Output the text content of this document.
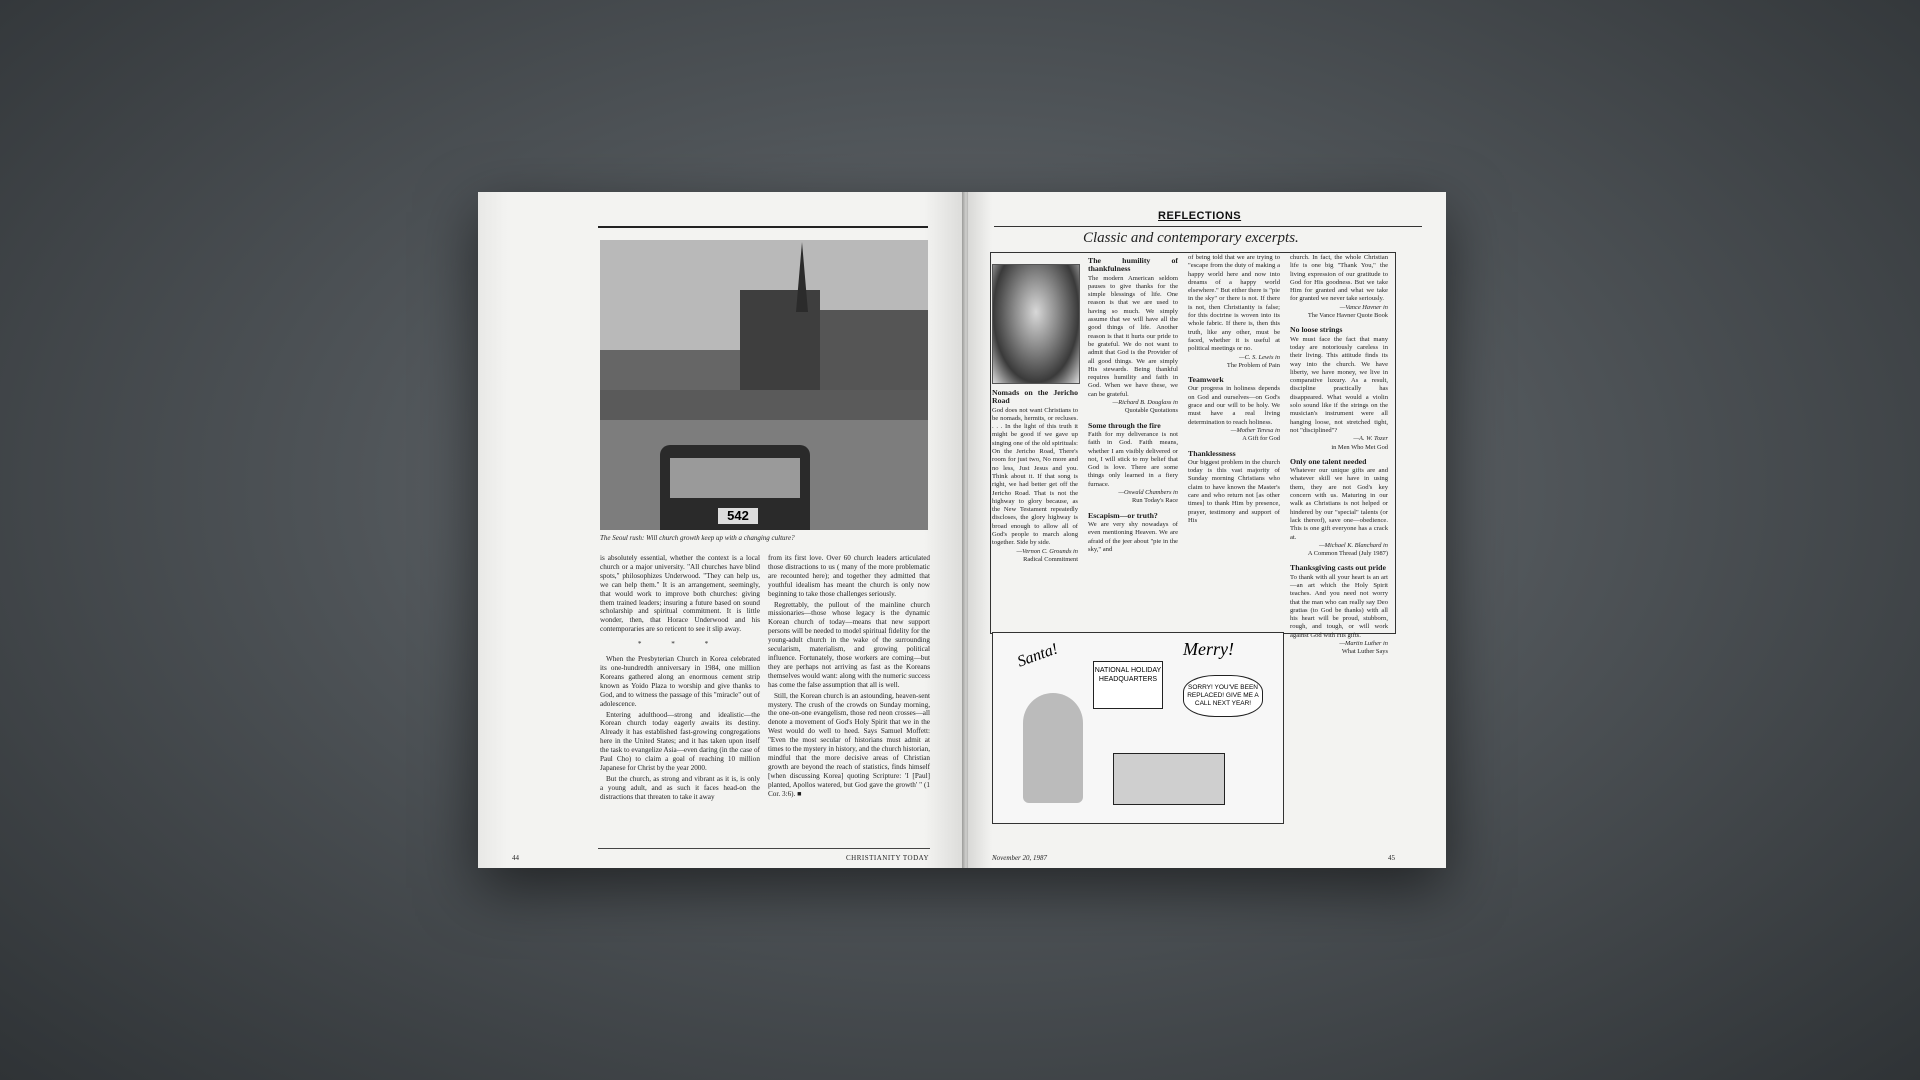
542
The Seoul rush: Will church growth keep up with a changing culture?

is absolutely essential, whether the context is a local church or a major university. "All churches have blind spots," philosophizes Underwood. "They can help us, we can help them." It is an arrangement, seemingly, that would work to improve both churches: giving them trained leaders; insuring a future based on sound scholarship and spiritual commitment. It is little wonder, then, that Horace Underwood and his contemporaries are so reticent to see it slip away.

* * *

When the Presbyterian Church in Korea celebrated its one-hundredth anniversary in 1984, one million Koreans gathered along an enormous cement strip known as Yoido Plaza to worship and give thanks to God, and to witness the passage of this "miracle" out of adolescence.

Entering adulthood—strong and idealistic—the Korean church today eagerly awaits its destiny. Already it has established fast-growing congregations here in the United States; and it has taken upon itself the task to evangelize Asia—even daring (in the case of Paul Cho) to claim a goal of reaching 10 million Japanese for Christ by the year 2000.

But the church, as strong and vibrant as it is, is only a young adult, and as such it faces head-on the distractions that threaten to take it away

from its first love. Over 60 church leaders articulated those distractions to us ( many of the more problematic are recounted here); and together they admitted that youthful idealism has meant the church is only now beginning to take those challenges seriously.

Regrettably, the pullout of the mainline church missionaries—those whose legacy is the dynamic Korean church of today—means that new support persons will be needed to model spiritual fidelity for the young-adult church in the wake of the surrounding secularism, materialism, and growing political influence. Fortunately, those workers are coming—but they are perhaps not arriving as fast as the Koreans themselves would want: along with the numeric success has come the false assumption that all is well.

Still, the Korean church is an astounding, heaven-sent mystery. The crush of the crowds on Sunday morning, the one-on-one evangelism, those red neon crosses—all denote a movement of God's Holy Spirit that we in the West would do well to heed. Says Samuel Moffett: "Even the most secular of historians must admit at times to the mystery in history, and the church historian, mindful that the more decisive areas of Christian growth are beyond the reach of statistics, finds himself [when discussing Korea] quoting Scripture: 'I [Paul] planted, Apollos watered, but God gave the growth' " (1 Cor. 3:6). ■

44	CHRISTIANITY TODAY
REFLECTIONS
Classic and contemporary excerpts.
Nomads on the Jericho Road
God does not want Christians to be nomads, hermits, or recluses. . . . In the light of this truth it might be good if we gave up singing one of the old spirituals: On the Jericho Road, There's room for just two, No more and no less, Just Jesus and you. Think about it. If that song is right, we had better get off the Jericho Road. That is not the highway to glory because, as the New Testament repeatedly discloses, the glory highway is broad enough to allow all of God's people to march along together. Side by side.
—Vernon C. Grounds in
Radical Commitment
The humility of thankfulness
The modern American seldom pauses to give thanks for the simple blessings of life. One reason is that we are used to having so much. We simply assume that we will have all the good things of life. Another reason is that it hurts our pride to be grateful. We do not want to admit that God is the Provider of all good things. We are simply His stewards. Being thankful requires humility and faith in God. When we have these, we can be grateful.
—Richard B. Douglass in
Quotable Quotations
Some through the fire
Faith for my deliverance is not faith in God. Faith means, whether I am visibly delivered or not, I will stick to my belief that God is love. There are some things only learned in a fiery furnace.
—Oswald Chambers in
Run Today's Race
Escapism—or truth?
We are very shy nowadays of even mentioning Heaven. We are afraid of the jeer about "pie in the sky," and
of being told that we are trying to "escape from the duty of making a happy world here and now into dreams of a happy world elsewhere." But either there is "pie in the sky" or there is not. If there is not, then Christianity is false; for this doctrine is woven into its whole fabric. If there is, then this truth, like any other, must be faced, whether it is useful at political meetings or no.
—C. S. Lewis in
The Problem of Pain
Teamwork
Our progress in holiness depends on God and ourselves—on God's grace and our will to be holy. We must have a real living determination to reach holiness.
—Mother Teresa in
A Gift for God
Thanklessness
Our biggest problem in the church today is this vast majority of Sunday morning Christians who claim to have known the Master's care and who return not [as other times] to thank Him by presence, prayer, testimony and support of His
church. In fact, the whole Christian life is one big "Thank You," the living expression of our gratitude to God for His goodness. But we take Him for granted and what we take for granted we never take seriously.
—Vance Havner in
The Vance Havner Quote Book
No loose strings
We must face the fact that many today are notoriously careless in their living. This attitude finds its way into the church. We have liberty, we have money, we live in comparative luxury. As a result, discipline practically has disappeared. What would a violin solo sound like if the strings on the musician's instrument were all hanging loose, not stretched tight, not "disciplined"?
—A. W. Tozer
in Men Who Met God
Only one talent needed
Whatever our unique gifts are and whatever skill we have in using them, they are not God's key concern with us. Maturing in our walk as Christians is not helped or hindered by our "special" talents (or lack thereof), save one—obedience. This is one gift everyone has a crack at.
—Michael K. Blanchard in
A Common Thread (July 1987)
Thanksgiving casts out pride
To thank with all your heart is an art—an art which the Holy Spirit teaches. And you need not worry that the man who can really say Deo gratias (to God be thanks) with all his heart will be proud, stubborn, rough, and tough, or will work against God with His gifts.
—Martin Luther in
What Luther Says
Santa!	Merry!
NATIONAL HOLIDAY HEADQUARTERS
SORRY! YOU'VE BEEN REPLACED! GIVE ME A CALL NEXT YEAR!
November 20, 1987	45
